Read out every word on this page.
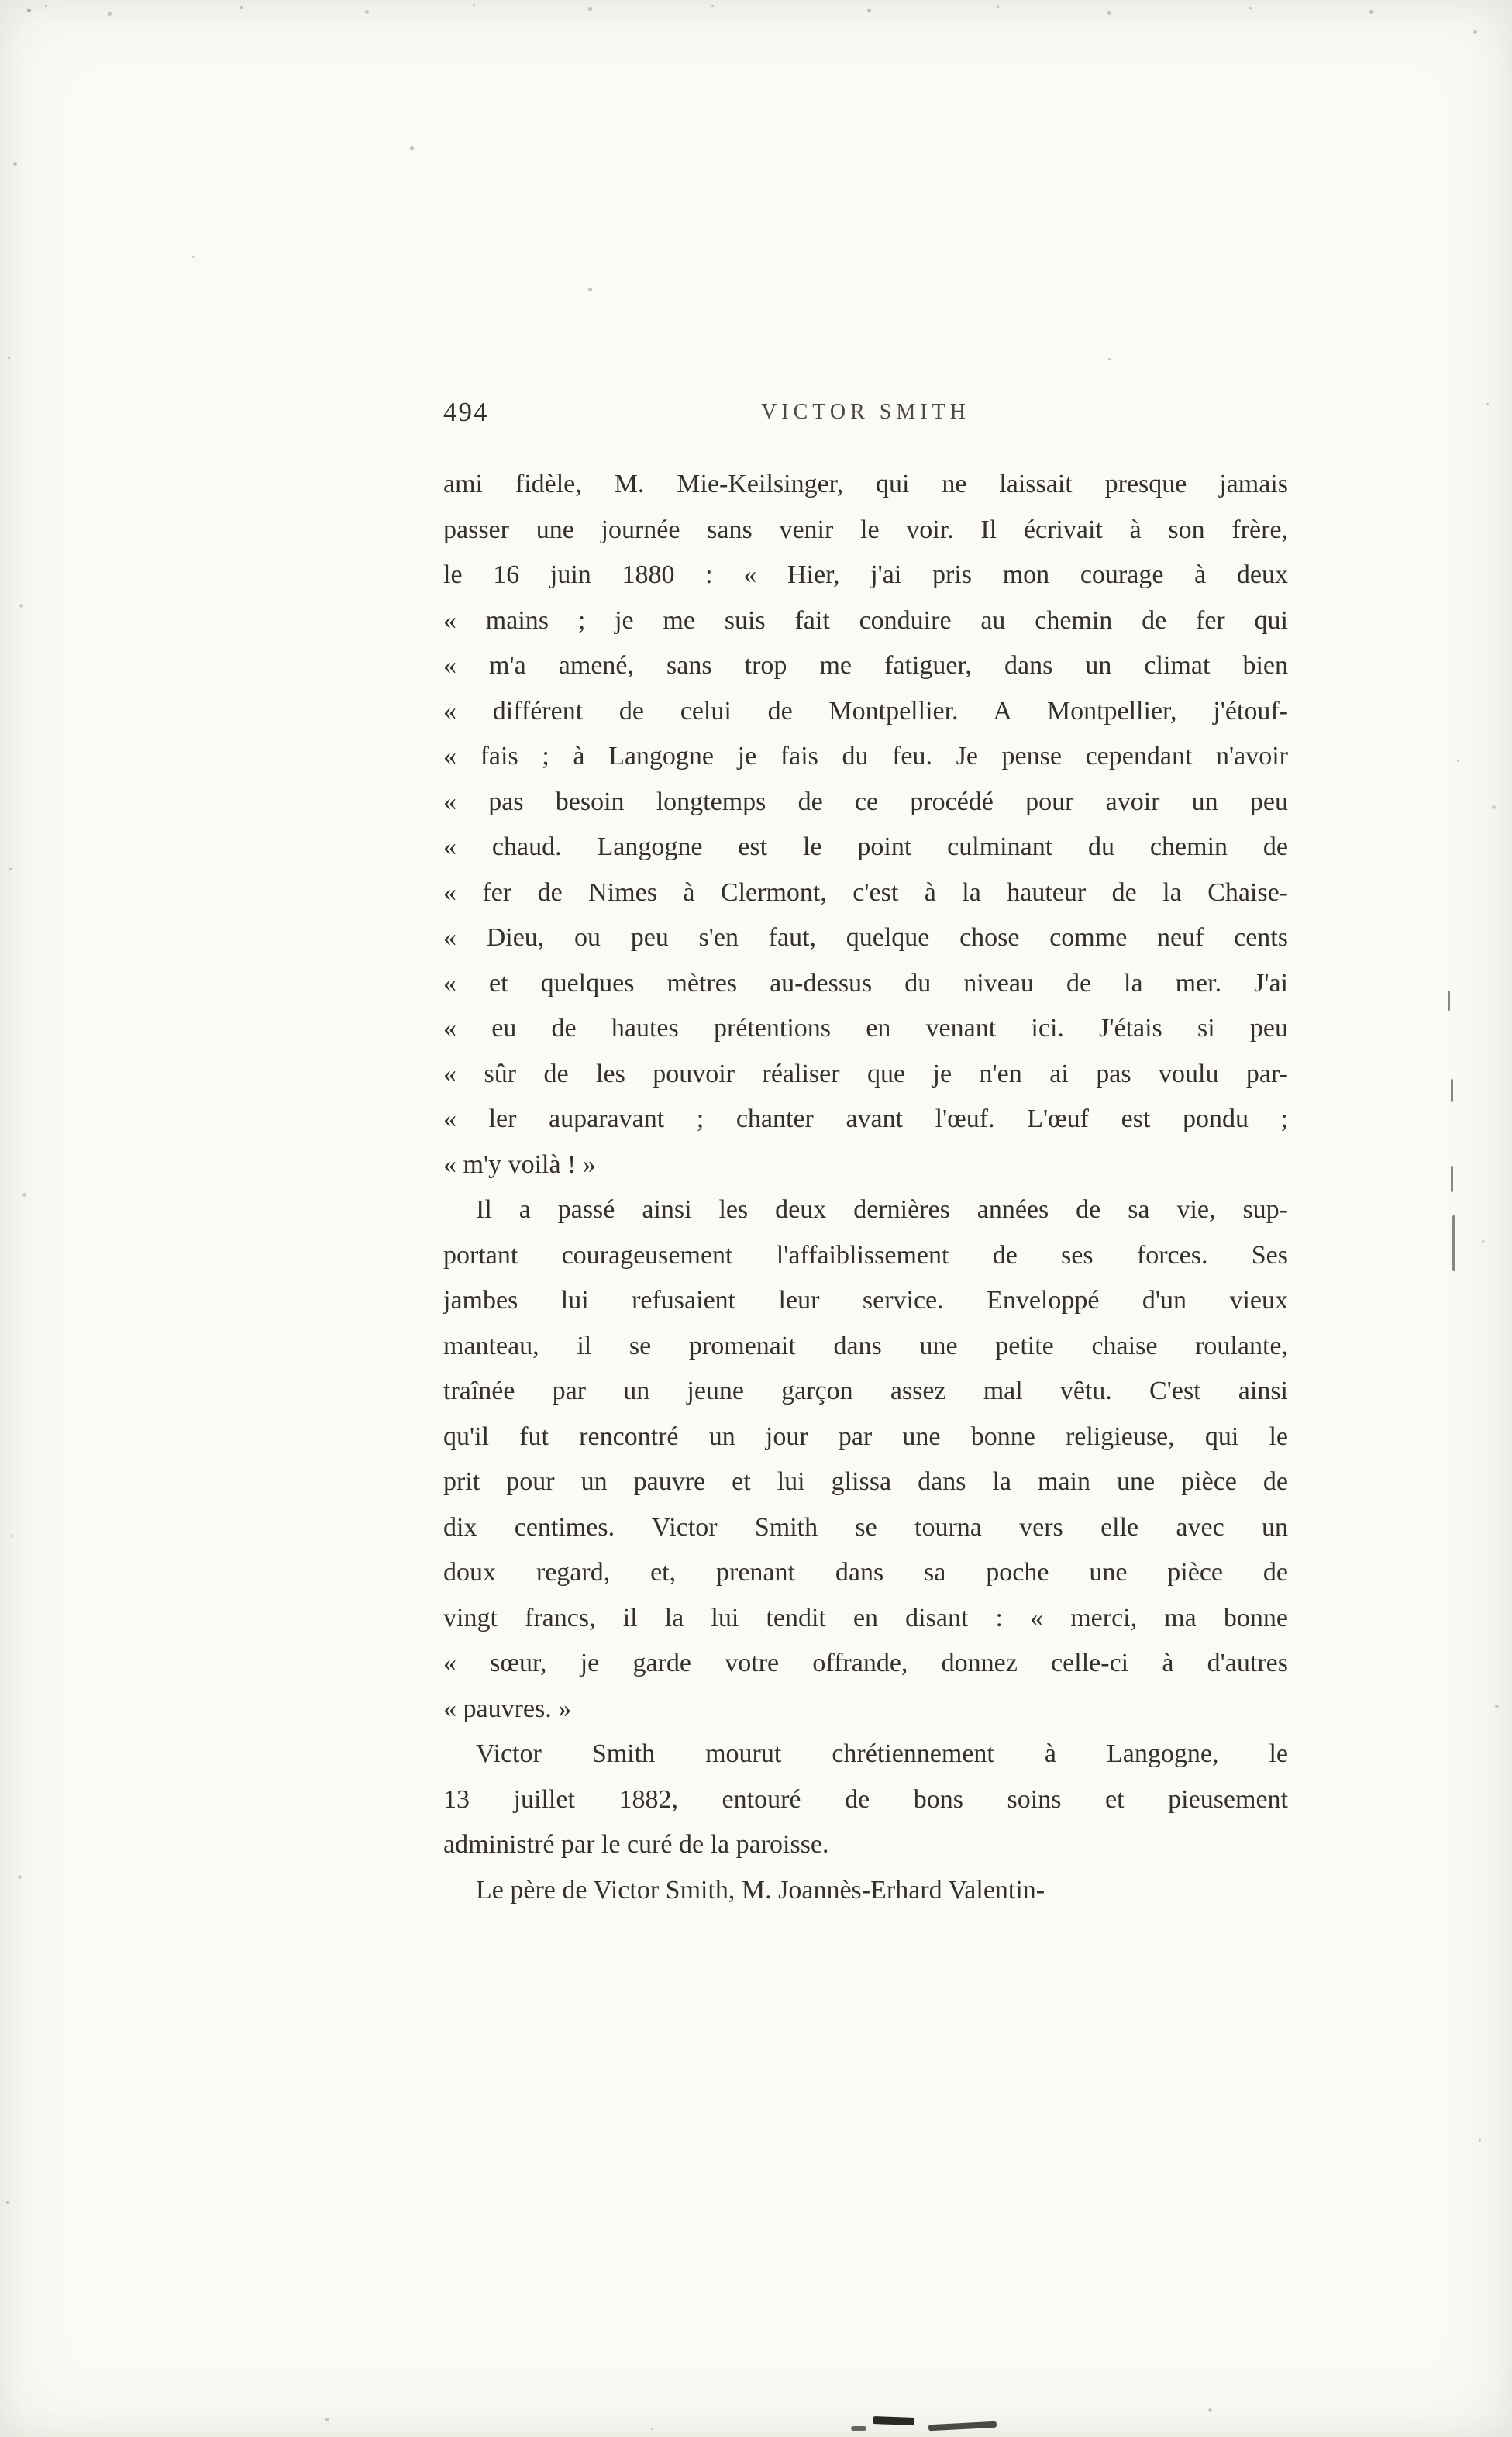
494	VICTOR SMITH
ami fidèle, M. Mie-Keilsinger, qui ne laissait presque jamais
passer une journée sans venir le voir. Il écrivait à son frère,
le 16 juin 1880 : « Hier, j'ai pris mon courage à deux
« mains ; je me suis fait conduire au chemin de fer qui
« m'a amené, sans trop me fatiguer, dans un climat bien
« différent de celui de Montpellier. A Montpellier, j'étouf-
« fais ; à Langogne je fais du feu. Je pense cependant n'avoir
« pas besoin longtemps de ce procédé pour avoir un peu
« chaud. Langogne est le point culminant du chemin de
« fer de Nimes à Clermont, c'est à la hauteur de la Chaise-
« Dieu, ou peu s'en faut, quelque chose comme neuf cents
« et quelques mètres au-dessus du niveau de la mer. J'ai
« eu de hautes prétentions en venant ici. J'étais si peu
« sûr de les pouvoir réaliser que je n'en ai pas voulu par-
« ler auparavant ; chanter avant l'œuf. L'œuf est pondu ;
« m'y voilà ! »
Il a passé ainsi les deux dernières années de sa vie, sup-
portant courageusement l'affaiblissement de ses forces. Ses
jambes lui refusaient leur service. Enveloppé d'un vieux
manteau, il se promenait dans une petite chaise roulante,
traînée par un jeune garçon assez mal vêtu. C'est ainsi
qu'il fut rencontré un jour par une bonne religieuse, qui le
prit pour un pauvre et lui glissa dans la main une pièce de
dix centimes. Victor Smith se tourna vers elle avec un
doux regard, et, prenant dans sa poche une pièce de
vingt francs, il la lui tendit en disant : « merci, ma bonne
« sœur, je garde votre offrande, donnez celle-ci à d'autres
« pauvres. »
Victor Smith mourut chrétiennement à Langogne, le
13 juillet 1882, entouré de bons soins et pieusement
administré par le curé de la paroisse.
Le père de Victor Smith, M. Joannès-Erhard Valentin-
